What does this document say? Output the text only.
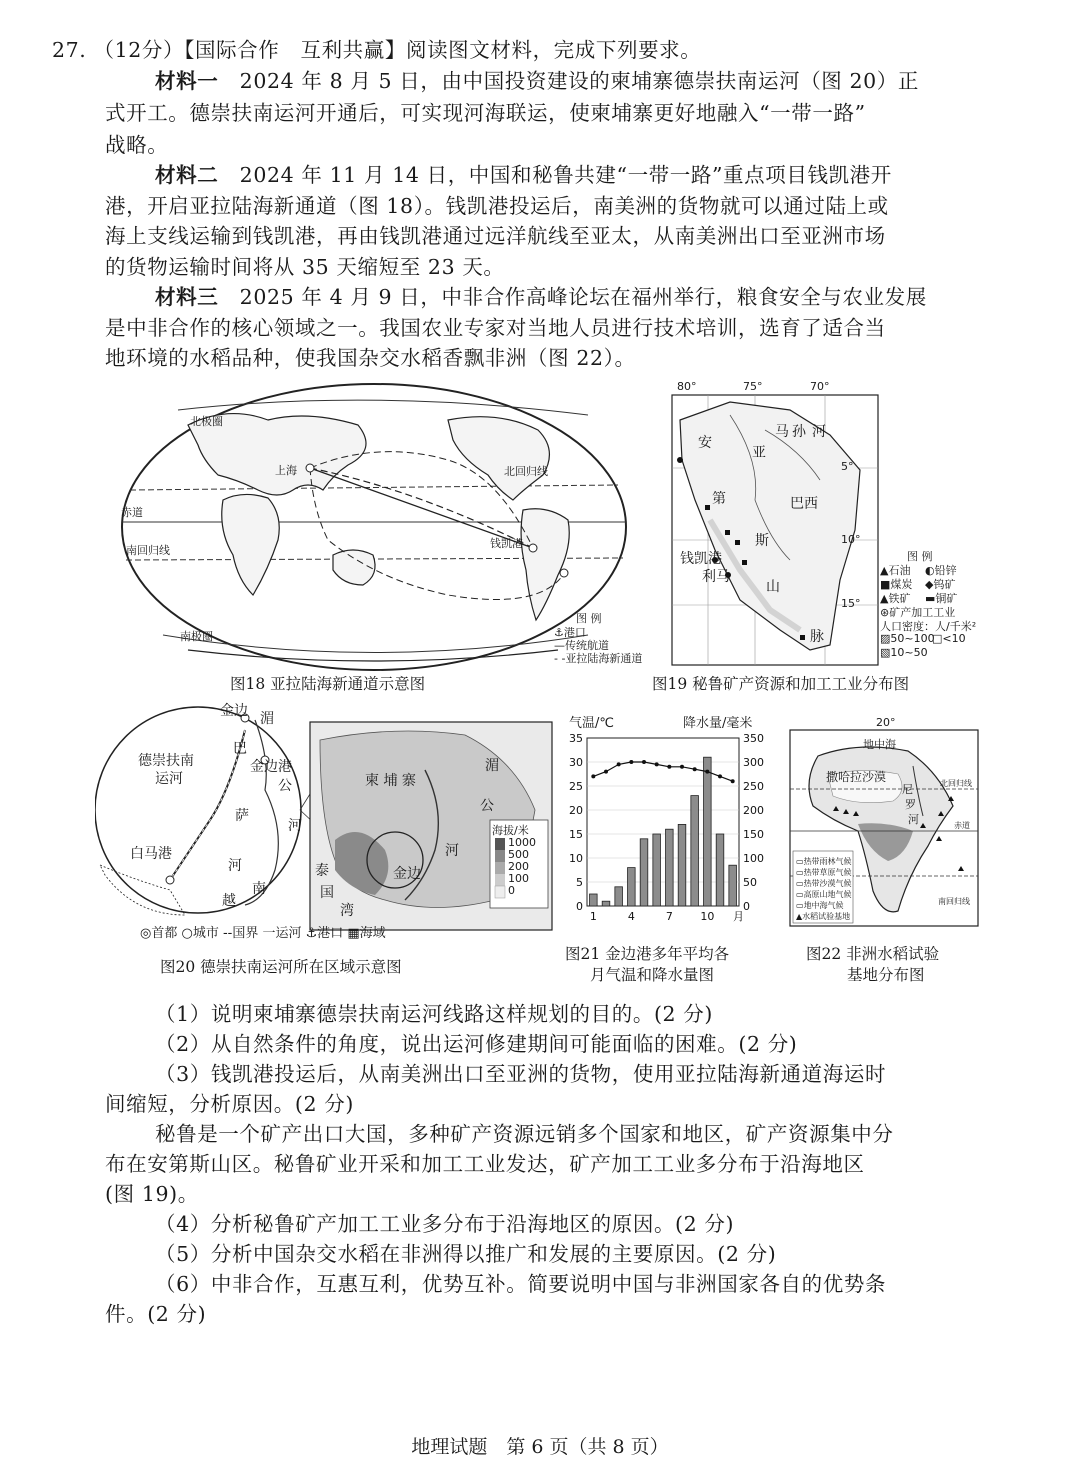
27. （12分）【国际合作　互利共赢】阅读图文材料，完成下列要求。
材料一 2024 年 8 月 5 日，由中国投资建设的柬埔寨德崇扶南运河（图 20）正
式开工。德崇扶南运河开通后，可实现河海联运，使柬埔寨更好地融入“一带一路”
战略。
材料二 2024 年 11 月 14 日，中国和秘鲁共建“一带一路”重点项目钱凯港开
港，开启亚拉陆海新通道（图 18）。钱凯港投运后，南美洲的货物就可以通过陆上或
海上支线运输到钱凯港，再由钱凯港通过远洋航线至亚太，从南美洲出口至亚洲市场
的货物运输时间将从 35 天缩短至 23 天。
材料三 2025 年 4 月 9 日，中非合作高峰论坛在福州举行，粮食安全与农业发展
是中非合作的核心领域之一。我国农业专家对当地人员进行技术培训，选育了适合当
地环境的水稻品种，使我国杂交水稻香飘非洲（图 22）。
北极圈
北回归线
赤道
南回归线
南极圈
上海
钱凯港
图 例
⚓港口
—传统航道
- -亚拉陆海新通道
图18 亚拉陆海新通道示意图
80°	75°	70°
5°
10°
15°
安
亚
马 孙 河
第	巴西
斯
山
脉
钱凯港
利马
图 例
▲石油 ◐铅锌
■煤炭 ◆钨矿
▲铁矿 ▬铜矿
⊛矿产加工工业
人口密度：人/千米²
▨50~100
□<10
▧10~50
图19 秘鲁矿产资源和加工工业分布图
金边 湄
巴
德崇扶南
运河
金边港
公
萨
河
白马港
河
南
越
柬 埔 寨
湄
公
河
泰
国
湾
金边
海拔/米
1000
500
200
100
0
◎首都 ○城市 --国界 ⼀运河 ⚓港口 ▦海域
图20 德崇扶南运河所在区域示意图
35
30
25
20
15
10
5
0
350
300
250
200
150
100
50
0
1	4	7	10 月
气温/℃	降水量/毫米
图21 金边港多年平均各
月气温和降水量图
20°
地中海
撒哈拉沙漠
尼
罗
河
北回归线
赤道
南回归线
▭热带雨林气候
▭热带草原气候
▭热带沙漠气候
▭高原山地气候
▭地中海气候
▲水稻试验基地
图22 非洲水稻试验
基地分布图
（1）说明柬埔寨德崇扶南运河线路这样规划的目的。(2 分)
（2）从自然条件的角度，说出运河修建期间可能面临的困难。(2 分)
（3）钱凯港投运后，从南美洲出口至亚洲的货物，使用亚拉陆海新通道海运时
间缩短，分析原因。(2 分)
秘鲁是一个矿产出口大国，多种矿产资源远销多个国家和地区，矿产资源集中分
布在安第斯山区。秘鲁矿业开采和加工工业发达，矿产加工工业多分布于沿海地区
(图 19)。
（4）分析秘鲁矿产加工工业多分布于沿海地区的原因。(2 分)
（5）分析中国杂交水稻在非洲得以推广和发展的主要原因。(2 分)
（6）中非合作，互惠互利，优势互补。简要说明中国与非洲国家各自的优势条
件。(2 分)
地理试题　第 6 页（共 8 页）
